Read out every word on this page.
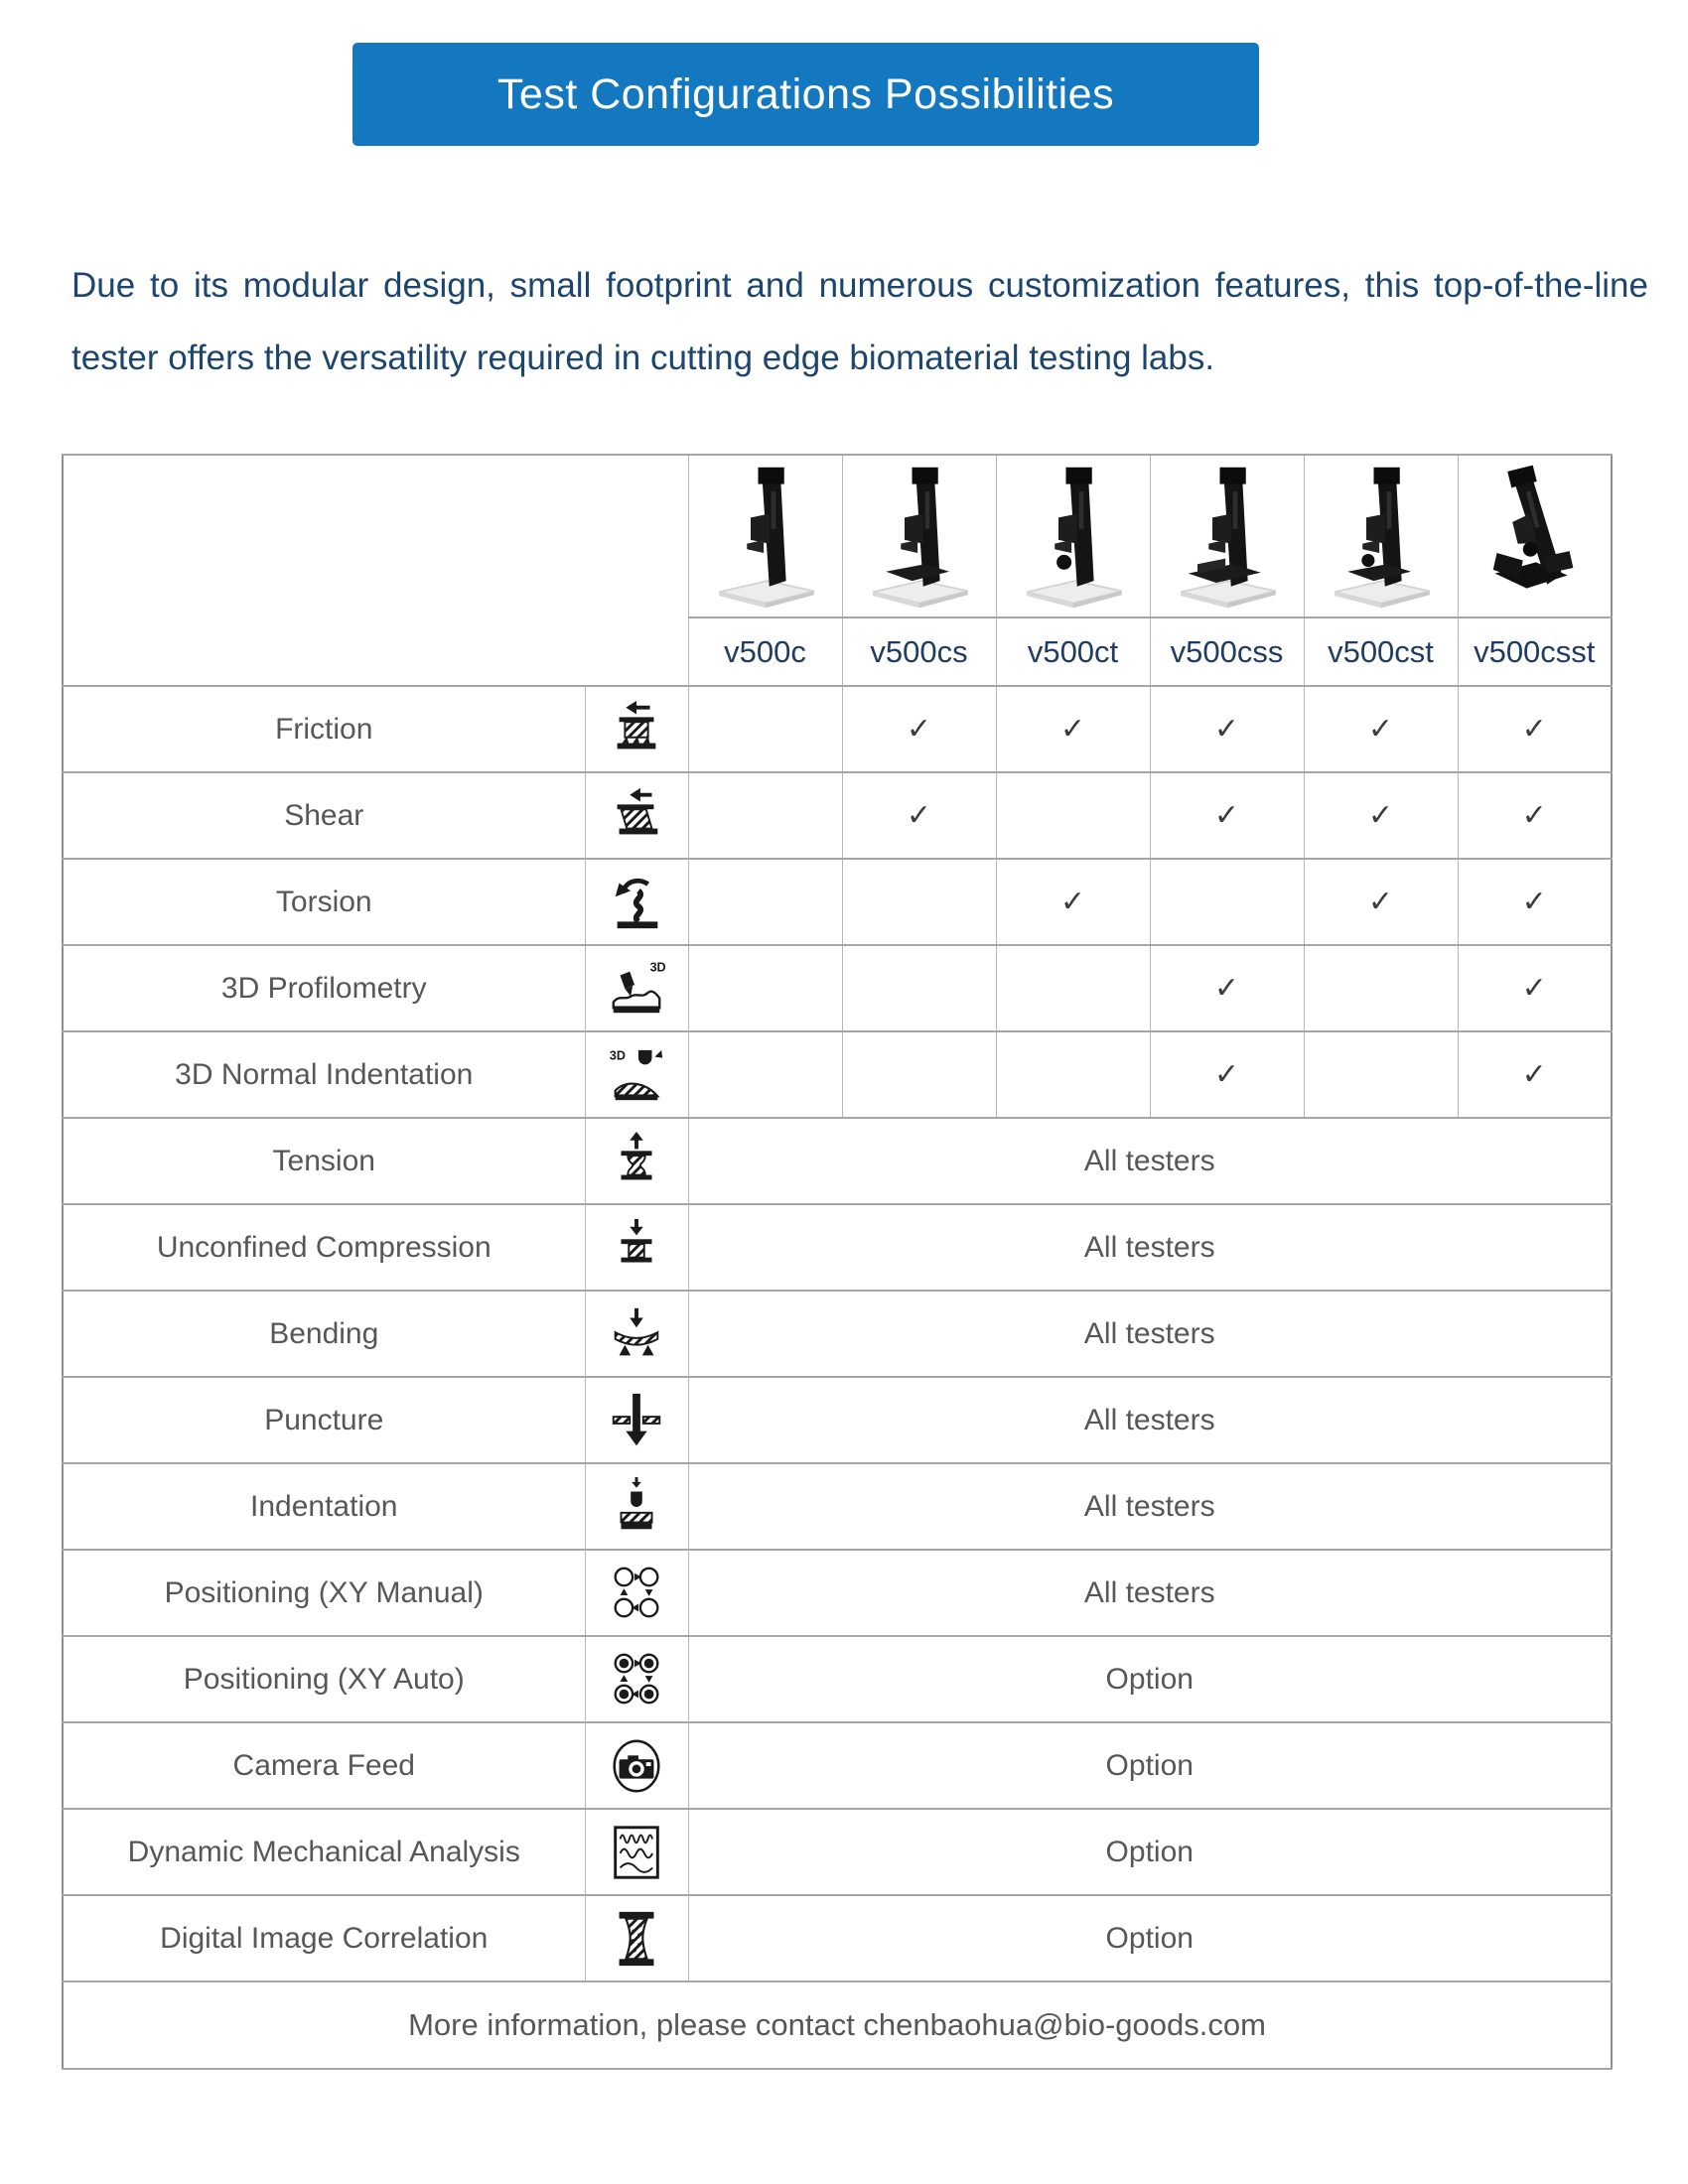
Test Configurations Possibilities

Due to its modular design, small footprint and numerous customization features, this top-of-the-line tester offers the versatility required in cutting edge biomaterial testing labs.

		v500c	v500cs	v500ct	v500css	v500cst	v500csst
Friction			✓	✓	✓	✓	✓
Shear			✓		✓	✓	✓
Torsion				✓		✓	✓
3D Profilometry	3D				✓		✓
3D Normal Indentation	3D				✓		✓
Tension		All testers					
Unconfined Compression		All testers					
Bending		All testers					
Puncture		All testers					
Indentation		All testers					
Positioning (XY Manual)		All testers					
Positioning (XY Auto)		Option					
Camera Feed		Option					
Dynamic Mechanical Analysis		Option					
Digital Image Correlation		Option					
More information, please contact chenbaohua@bio-goods.com							
